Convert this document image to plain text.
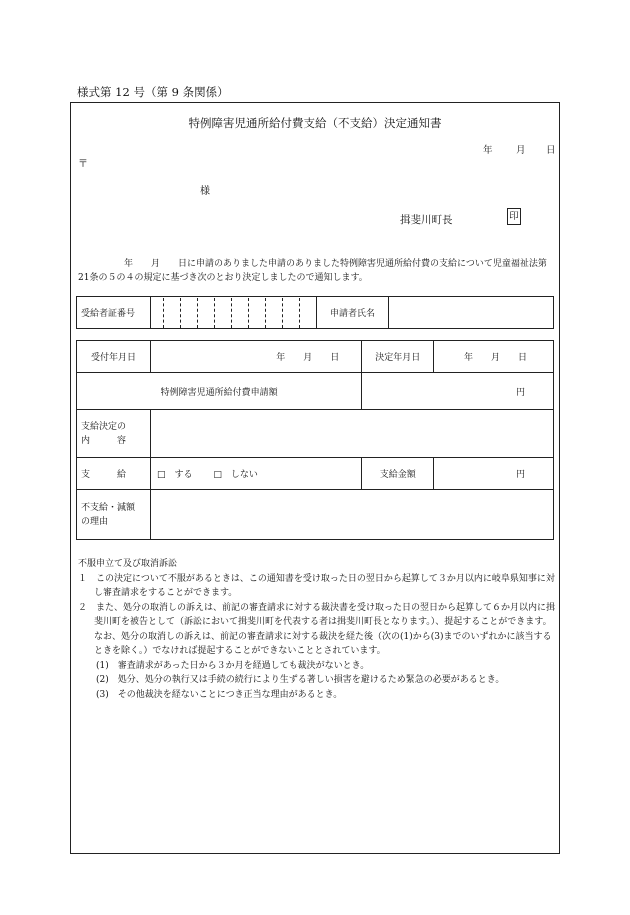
様式第 12 号（第 9 条関係）
特例障害児通所給付費支給（不支給）決定通知書
年 月 日
〒
様
揖斐川町長	印
年　　月　　日に申請のありました申請のありました特例障害児通所給付費の支給について児童福祉法第21条の５の４の規定に基づき次のとおり決定しましたので通知します。
受給者証番号		申請者氏名	
受付年月日	年　　月　　日	決定年月日	年　　月　　日
特例障害児通所給付費申請額		円	

支給決定の
内　　　容			

支　　　給	□　する □　しない	支給金額	円

不支給・減額
の理由			

不服申立て及び取消訴訟
１　この決定について不服があるときは、この通知書を受け取った日の翌日から起算して３か月以内に岐阜県知事に対し審査請求をすることができます。
２　また、処分の取消しの訴えは、前記の審査請求に対する裁決書を受け取った日の翌日から起算して６か月以内に揖斐川町を被告として（訴訟において揖斐川町を代表する者は揖斐川町長となります。）、提起することができます。なお、処分の取消しの訴えは、前記の審査請求に対する裁決を経た後（次の(1)から(3)までのいずれかに該当するときを除く。）でなければ提起することができないこととされています。
(1)　審査請求があった日から３か月を経過しても裁決がないとき。
(2)　処分、処分の執行又は手続の続行により生ずる著しい損害を避けるため緊急の必要があるとき。
(3)　その他裁決を経ないことにつき正当な理由があるとき。
